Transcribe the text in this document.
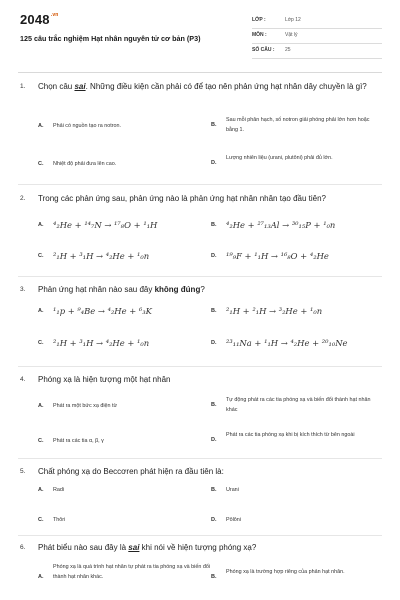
$2048^{.vn}$
125 câu trắc nghiệm Hạt nhân nguyên tử cơ bản (P3)
LỚP :	Lớp 12
MÔN :	Vật lý
SỐ CÂU : 25
1. Chọn câu sai. Những điều kiện cần phải có để tạo nên phản ứng hạt nhân dây chuyền là gì?
A. Phải có nguồn tạo ra notron.	B.
Sau mỗi phân hạch, số notron giải phóng phải lớn hơn hoặc bằng 1.
C. Nhiệt độ phải đưa lên cao.	D.
Lượng nhiên liệu (urani, plutôni) phải đủ lớn.
2. Trong các phản ứng sau, phản ứng nào là phản ứng hạt nhân nhân tạo đầu tiên?
A. ⁴₂He + ¹⁴₇N → ¹⁷₈O + ¹₁H	B. ⁴₂He + ²⁷₁₃Al → ³⁰₁₅P + ¹₀n
C. ²₁H + ³₁H → ⁴₂He + ¹₀n	D. ¹⁹₉F + ¹₁H → ¹⁶₈O + ⁴₂He
3. Phản ứng hạt nhân nào sau đây không đúng?
A. ¹₁p + ⁹₄Be → ⁴₂He + ⁶₃K	B. ²₁H + ²₁H → ³₂He + ¹₀n
C. ²₁H + ³₁H → ⁴₂He + ¹₀n	D. ²³₁₁Na + ¹₁H → ⁴₂He + ²⁰₁₀Ne
4. Phóng xạ là hiện tượng một hạt nhân
A. Phát ra một bức xạ điện từ	B.
Tự động phát ra các tia phóng xạ và biến đổi thành hạt nhân khác
C. Phát ra các tia α, β, γ	D.
Phát ra các tia phóng xạ khi bị kích thích từ bên ngoài
5. Chất phóng xạ do Beccơren phát hiện ra đầu tiên là:
A. Radi	B. Urani
C. Thôri	D. Pôlôni
6. Phát biểu nào sau đây là sai khi nói về hiện tượng phóng xạ?
A.
Phóng xạ là quá trình hạt nhân tự phát ra tia phóng xạ và biến đổi thành hạt nhân khác.	B.
Phóng xạ là trường hợp riêng của phản hạt nhân.
